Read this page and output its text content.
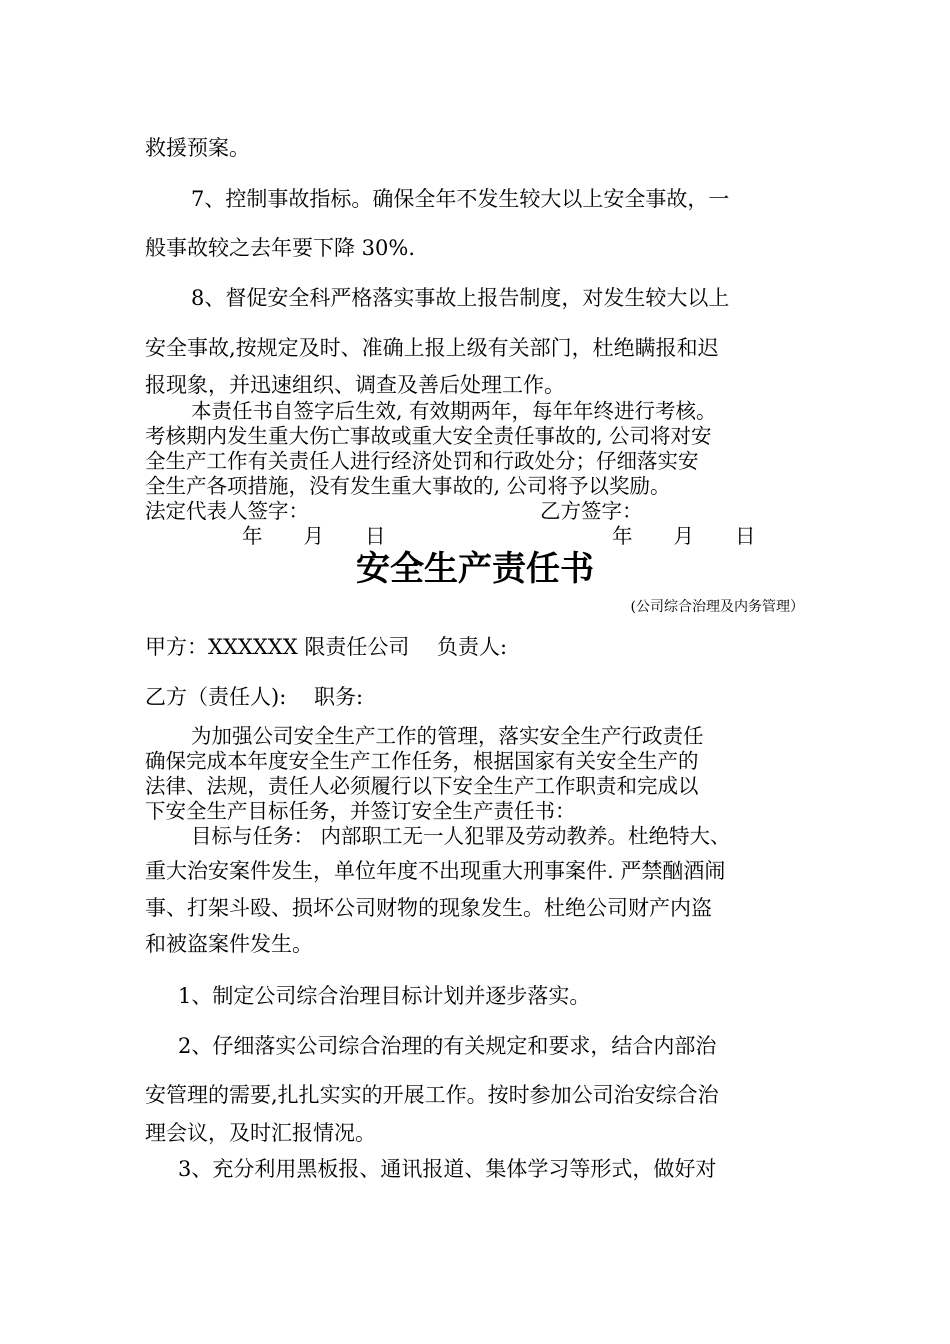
救援预案。
7、控制事故指标。确保全年不发生较大以上安全事故，一
般事故较之去年要下降 30%.
8、督促安全科严格落实事故上报告制度，对发生较大以上
安全事故,按规定及时、准确上报上级有关部门，杜绝瞒报和迟
报现象，并迅速组织、调查及善后处理工作。
本责任书自签字后生效, 有效期两年，每年年终进行考核。
考核期内发生重大伤亡事故或重大安全责任事故的, 公司将对安
全生产工作有关责任人进行经济处罚和行政处分；仔细落实安
全生产各项措施，没有发生重大事故的, 公司将予以奖励。
法定代表人签字：	乙方签字：
年　　月　　日	年　　月　　日
安全生产责任书
(公司综合治理及内务管理）
甲方：XXXXXX 限责任公司　 负责人:
乙方（责任人):　 职务:
为加强公司安全生产工作的管理，落实安全生产行政责任
确保完成本年度安全生产工作任务，根据国家有关安全生产的
法律、法规，责任人必须履行以下安全生产工作职责和完成以
下安全生产目标任务，并签订安全生产责任书：
目标与任务： 内部职工无一人犯罪及劳动教养。杜绝特大、
重大治安案件发生，单位年度不出现重大刑事案件. 严禁酗酒闹
事、打架斗殴、损坏公司财物的现象发生。杜绝公司财产内盗
和被盗案件发生。
1、制定公司综合治理目标计划并逐步落实。
2、仔细落实公司综合治理的有关规定和要求，结合内部治
安管理的需要,扎扎实实的开展工作。按时参加公司治安综合治
理会议，及时汇报情况。
3、充分利用黑板报、通讯报道、集体学习等形式，做好对
